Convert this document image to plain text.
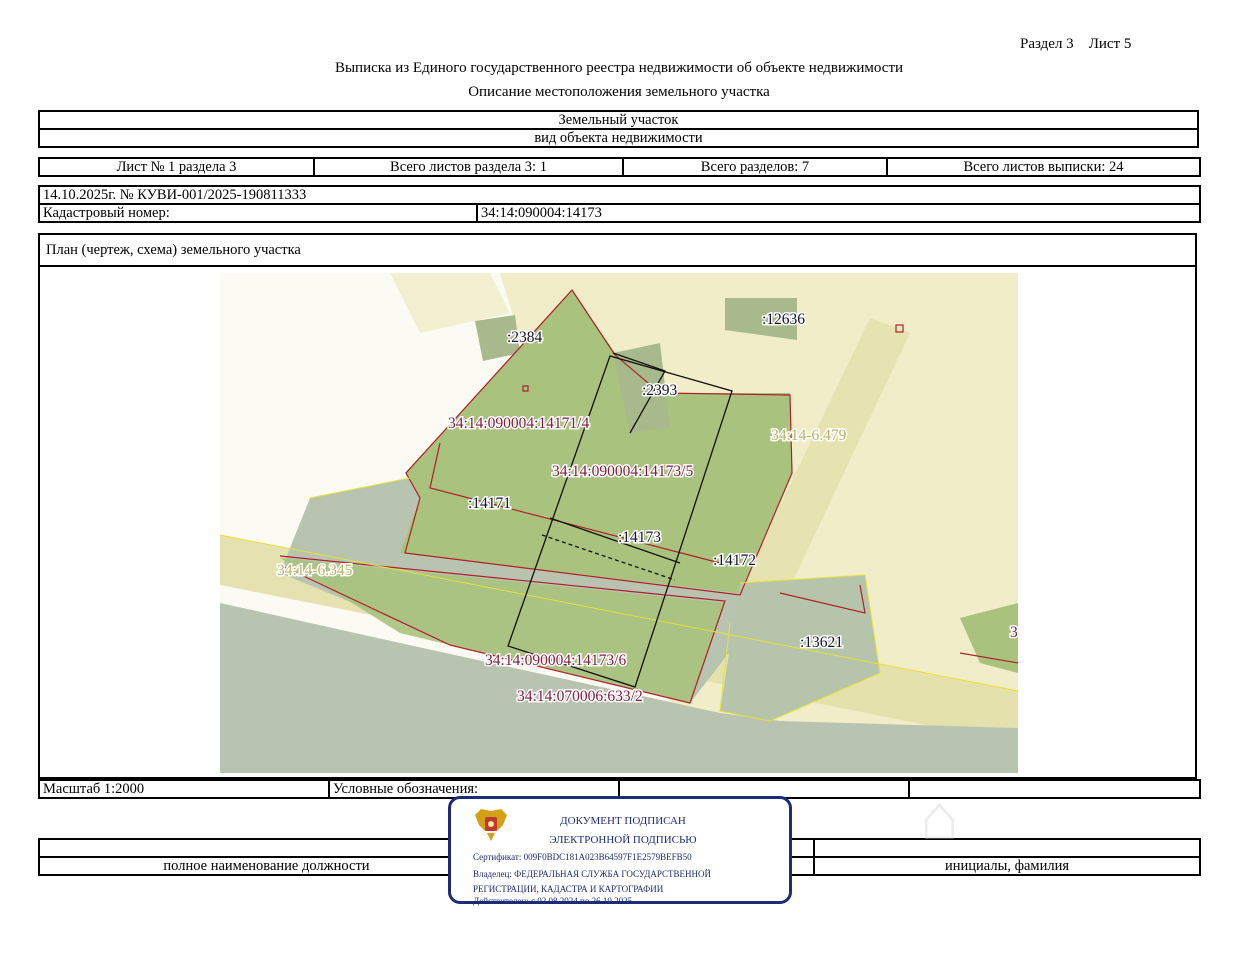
Раздел 3 Лист 5
Выписка из Единого государственного реестра недвижимости об объекте недвижимости
Описание местоположения земельного участка
Земельный участок
вид объекта недвижимости
Лист № 1 раздела 3	Всего листов раздела 3: 1	Всего разделов: 7	Всего листов выписки: 24
14.10.2025г. № КУВИ-001/2025-190811333
Кадастровый номер:	34:14:090004:14173
План (чертеж, схема) земельного участка
:2384
:12636
:2393
34:14:090004:14171/4
34:14-6.479
34:14:090004:14173/5
:14171
:14173
:14172
34:14-6.345
3
:13621
34:14:090004:14173/6
34:14:070006:633/2
Масштаб 1:2000	Условные обозначения:		

полное наименование должности		инициалы, фамилия
⌂
ДОКУМЕНТ ПОДПИСАН
ЭЛЕКТРОННОЙ ПОДПИСЬЮ
Сертификат: 009F0BDC181A023B64597F1E2579BEFB50
Владелец: ФЕДЕРАЛЬНАЯ СЛУЖБА ГОСУДАРСТВЕННОЙ
РЕГИСТРАЦИИ, КАДАСТРА И КАРТОГРАФИИ
Действителен: с 02.08.2024 по 26.10.2025
